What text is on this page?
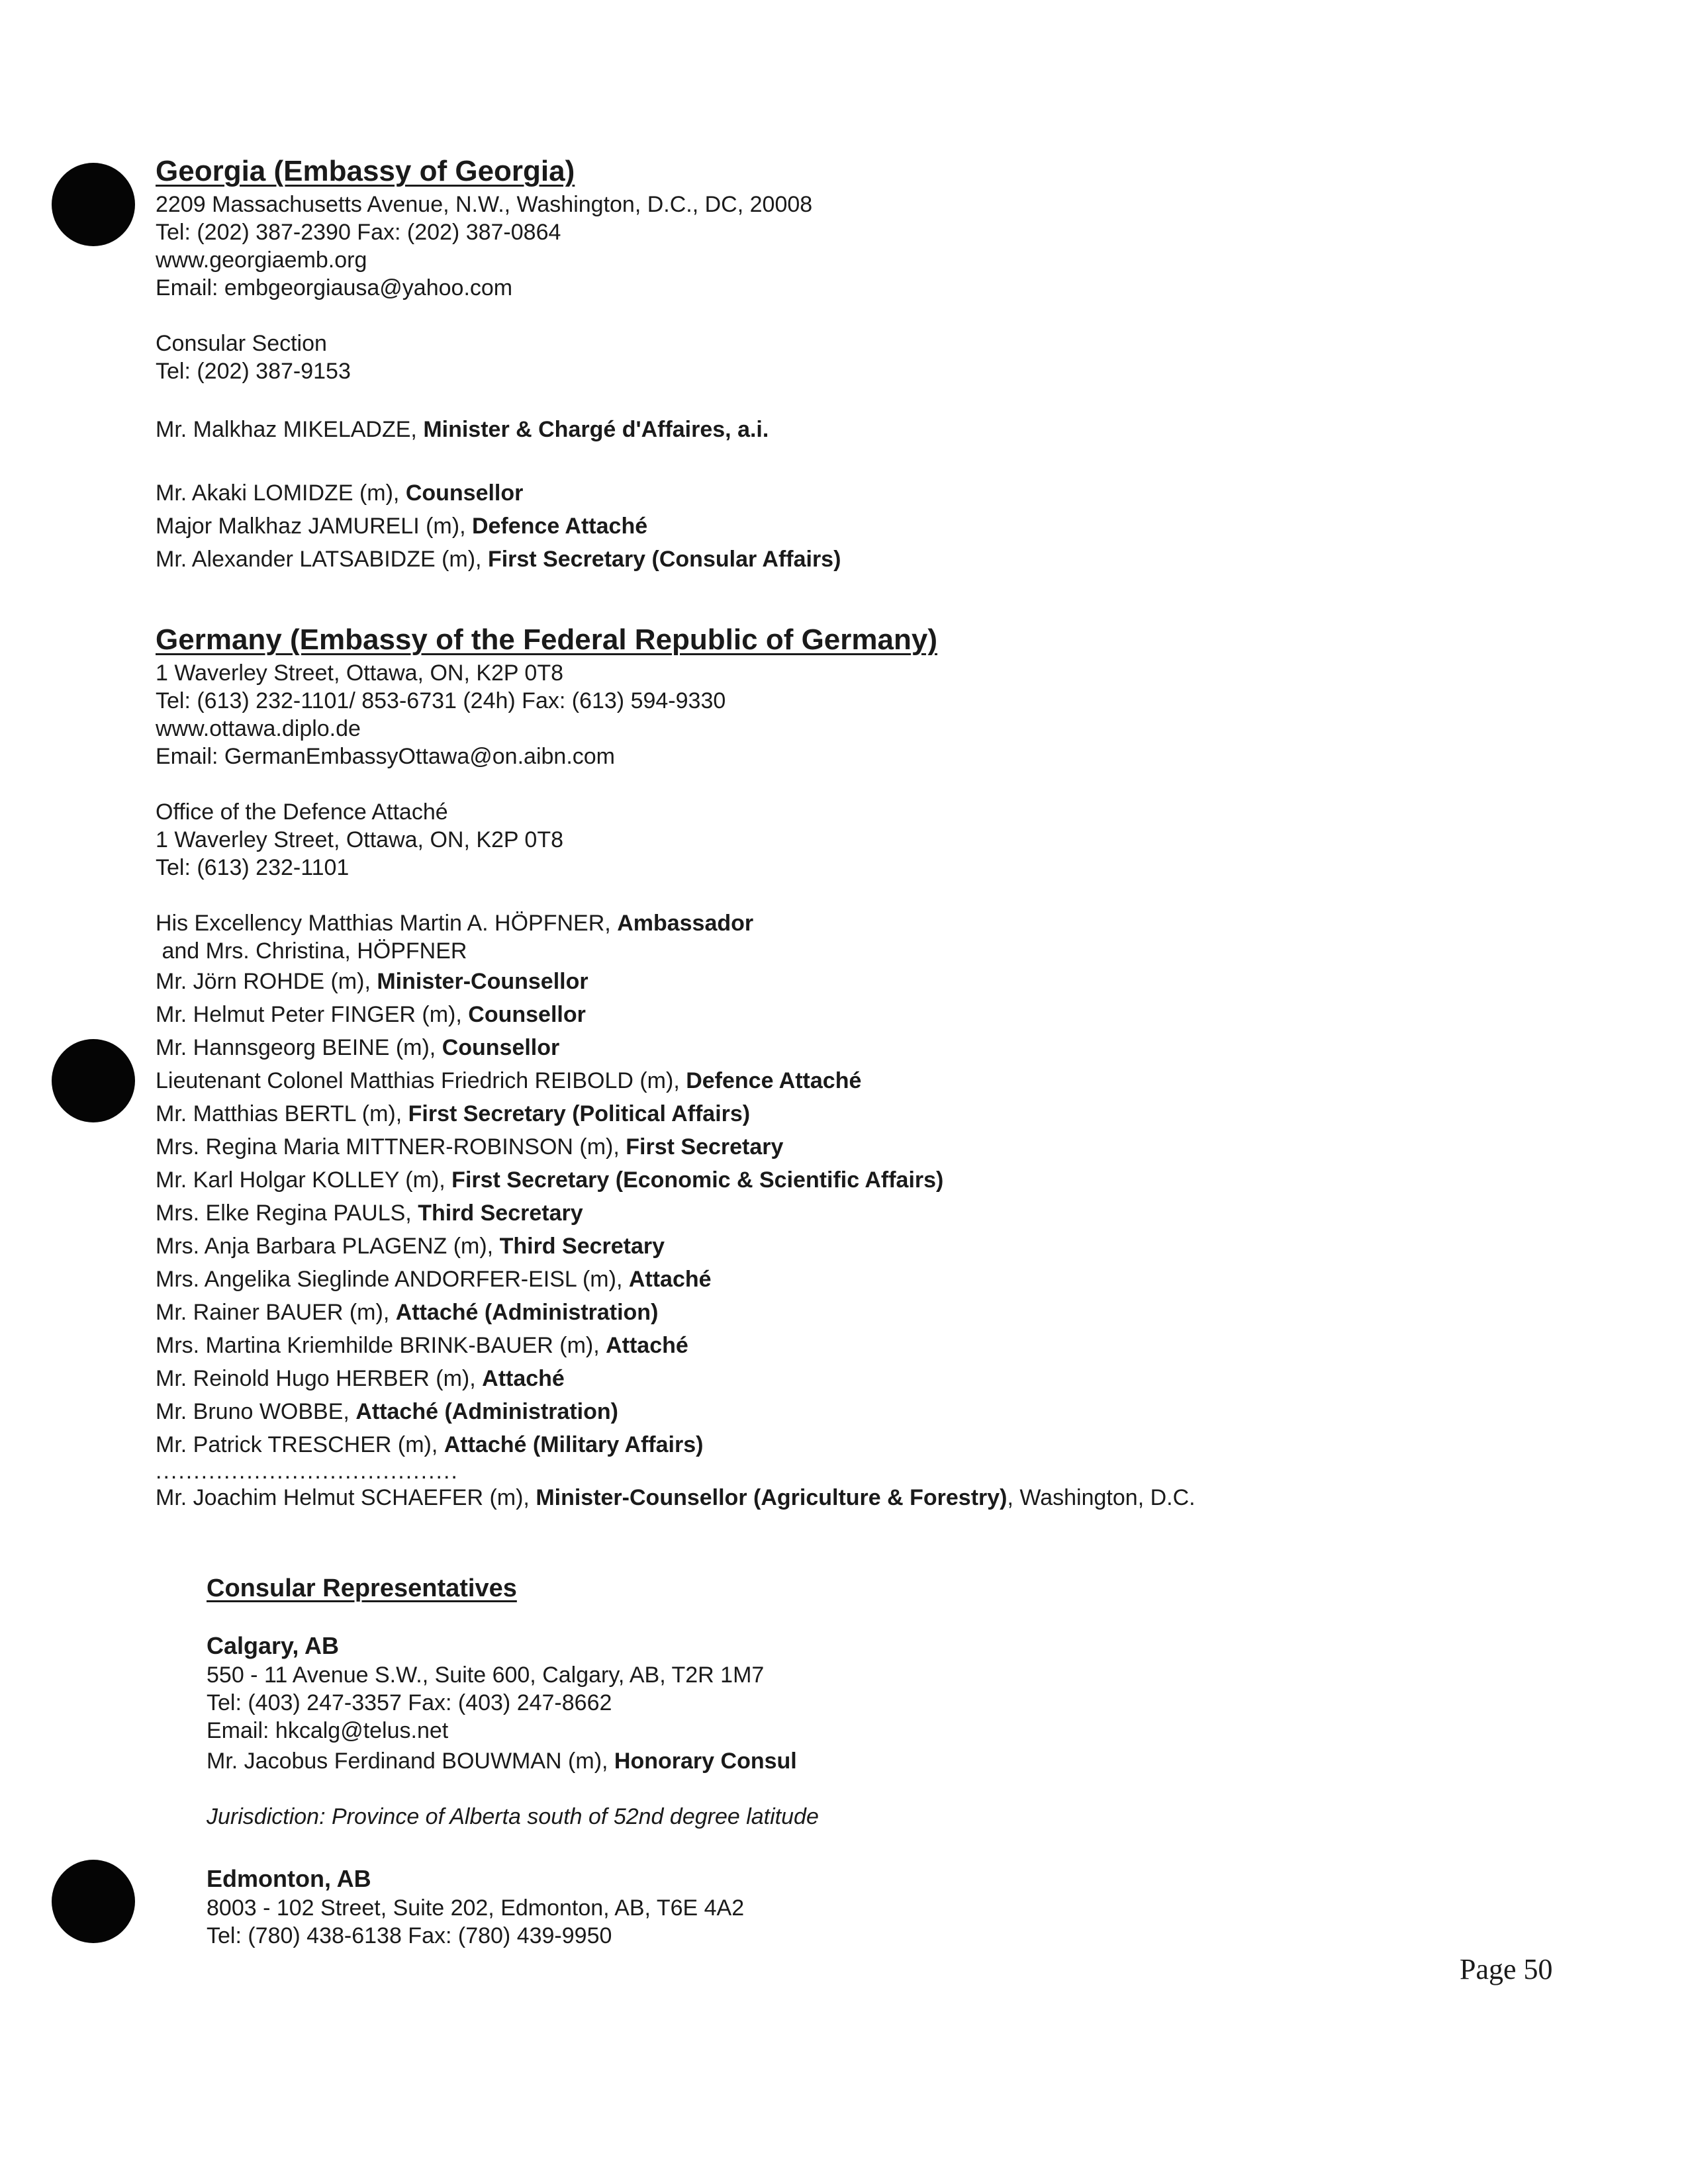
Georgia (Embassy of Georgia)
2209 Massachusetts Avenue, N.W., Washington, D.C., DC, 20008
Tel: (202) 387-2390 Fax: (202) 387-0864
www.georgiaemb.org
Email: embgeorgiausa@yahoo.com
Consular Section
Tel: (202) 387-9153
Mr. Malkhaz MIKELADZE, Minister & Chargé d'Affaires, a.i.
Mr. Akaki LOMIDZE (m), Counsellor
Major Malkhaz JAMURELI (m), Defence Attaché
Mr. Alexander LATSABIDZE (m), First Secretary (Consular Affairs)
Germany (Embassy of the Federal Republic of Germany)
1 Waverley Street, Ottawa, ON, K2P 0T8
Tel: (613) 232-1101/ 853-6731 (24h) Fax: (613) 594-9330
www.ottawa.diplo.de
Email: GermanEmbassyOttawa@on.aibn.com
Office of the Defence Attaché
1 Waverley Street, Ottawa, ON, K2P 0T8
Tel: (613) 232-1101
His Excellency Matthias Martin A. HÖPFNER, Ambassador
and Mrs. Christina, HÖPFNER
Mr. Jörn ROHDE (m), Minister-Counsellor
Mr. Helmut Peter FINGER (m), Counsellor
Mr. Hannsgeorg BEINE (m), Counsellor
Lieutenant Colonel Matthias Friedrich REIBOLD (m), Defence Attaché
Mr. Matthias BERTL (m), First Secretary (Political Affairs)
Mrs. Regina Maria MITTNER-ROBINSON (m), First Secretary
Mr. Karl Holgar KOLLEY (m), First Secretary (Economic & Scientific Affairs)
Mrs. Elke Regina PAULS, Third Secretary
Mrs. Anja Barbara PLAGENZ (m), Third Secretary
Mrs. Angelika Sieglinde ANDORFER-EISL (m), Attaché
Mr. Rainer BAUER (m), Attaché (Administration)
Mrs. Martina Kriemhilde BRINK-BAUER (m), Attaché
Mr. Reinold Hugo HERBER (m), Attaché
Mr. Bruno WOBBE, Attaché (Administration)
Mr. Patrick TRESCHER (m), Attaché (Military Affairs)
........................................
Mr. Joachim Helmut SCHAEFER (m), Minister-Counsellor (Agriculture & Forestry), Washington, D.C.
Consular Representatives
Calgary, AB
550 - 11 Avenue S.W., Suite 600, Calgary, AB, T2R 1M7
Tel: (403) 247-3357 Fax: (403) 247-8662
Email: hkcalg@telus.net
Mr. Jacobus Ferdinand BOUWMAN (m), Honorary Consul
Jurisdiction: Province of Alberta south of 52nd degree latitude
Edmonton, AB
8003 - 102 Street, Suite 202, Edmonton, AB, T6E 4A2
Tel: (780) 438-6138 Fax: (780) 439-9950
Page 50
